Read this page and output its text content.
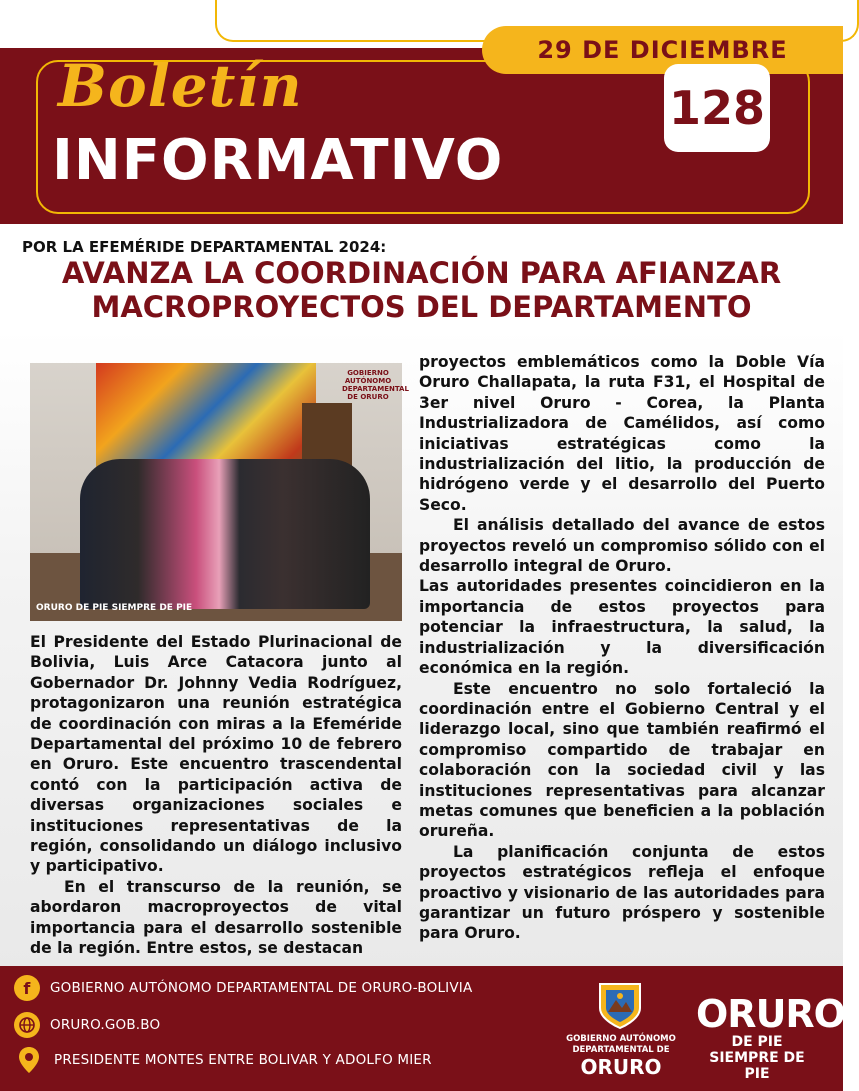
29 DE DICIEMBRE
Boletín
INFORMATIVO
128
POR LA EFEMÉRIDE DEPARTAMENTAL 2024:
AVANZA LA COORDINACIÓN PARA AFIANZAR
MACROPROYECTOS DEL DEPARTAMENTO
GOBIERNO AUTÓNOMO DEPARTAMENTAL DE ORURO
ORURO DE PIE SIEMPRE DE PIE

El Presidente del Estado Plurinacional de Bolivia, Luis Arce Catacora junto al Gobernador Dr. Johnny Vedia Rodríguez, protagonizaron una reunión estratégica de coordinación con miras a la Efeméride Departamental del próximo 10 de febrero en Oruro. Este encuentro trascendental contó con la participación activa de diversas organizaciones sociales e instituciones representativas de la región, consolidando un diálogo inclusivo y participativo.

En el transcurso de la reunión, se abordaron macroproyectos de vital importancia para el desarrollo sostenible de la región. Entre estos, se destacan

proyectos emblemáticos como la Doble Vía Oruro Challapata, la ruta F31, el Hospital de 3er nivel Oruro - Corea, la Planta Industrializadora de Camélidos, así como iniciativas estratégicas como la industrialización del litio, la producción de hidrógeno verde y el desarrollo del Puerto Seco.

El análisis detallado del avance de estos proyectos reveló un compromiso sólido con el desarrollo integral de Oruro.

Las autoridades presentes coincidieron en la importancia de estos proyectos para potenciar la infraestructura, la salud, la industrialización y la diversificación económica en la región.

Este encuentro no solo fortaleció la coordinación entre el Gobierno Central y el liderazgo local, sino que también reafirmó el compromiso compartido de trabajar en colaboración con la sociedad civil y las instituciones representativas para alcanzar metas comunes que beneficien a la población orureña.

La planificación conjunta de estos proyectos estratégicos refleja el enfoque proactivo y visionario de las autoridades para garantizar un futuro próspero y sostenible para Oruro.

f	GOBIERNO AUTÓNOMO DEPARTAMENTAL DE ORURO-BOLIVIA
ORURO.GOB.BO
PRESIDENTE MONTES ENTRE BOLIVAR Y ADOLFO MIER
GOBIERNO AUTÓNOMO
DEPARTAMENTAL DE
ORURO
ORURO
DE PIE
SIEMPRE DE PIE
